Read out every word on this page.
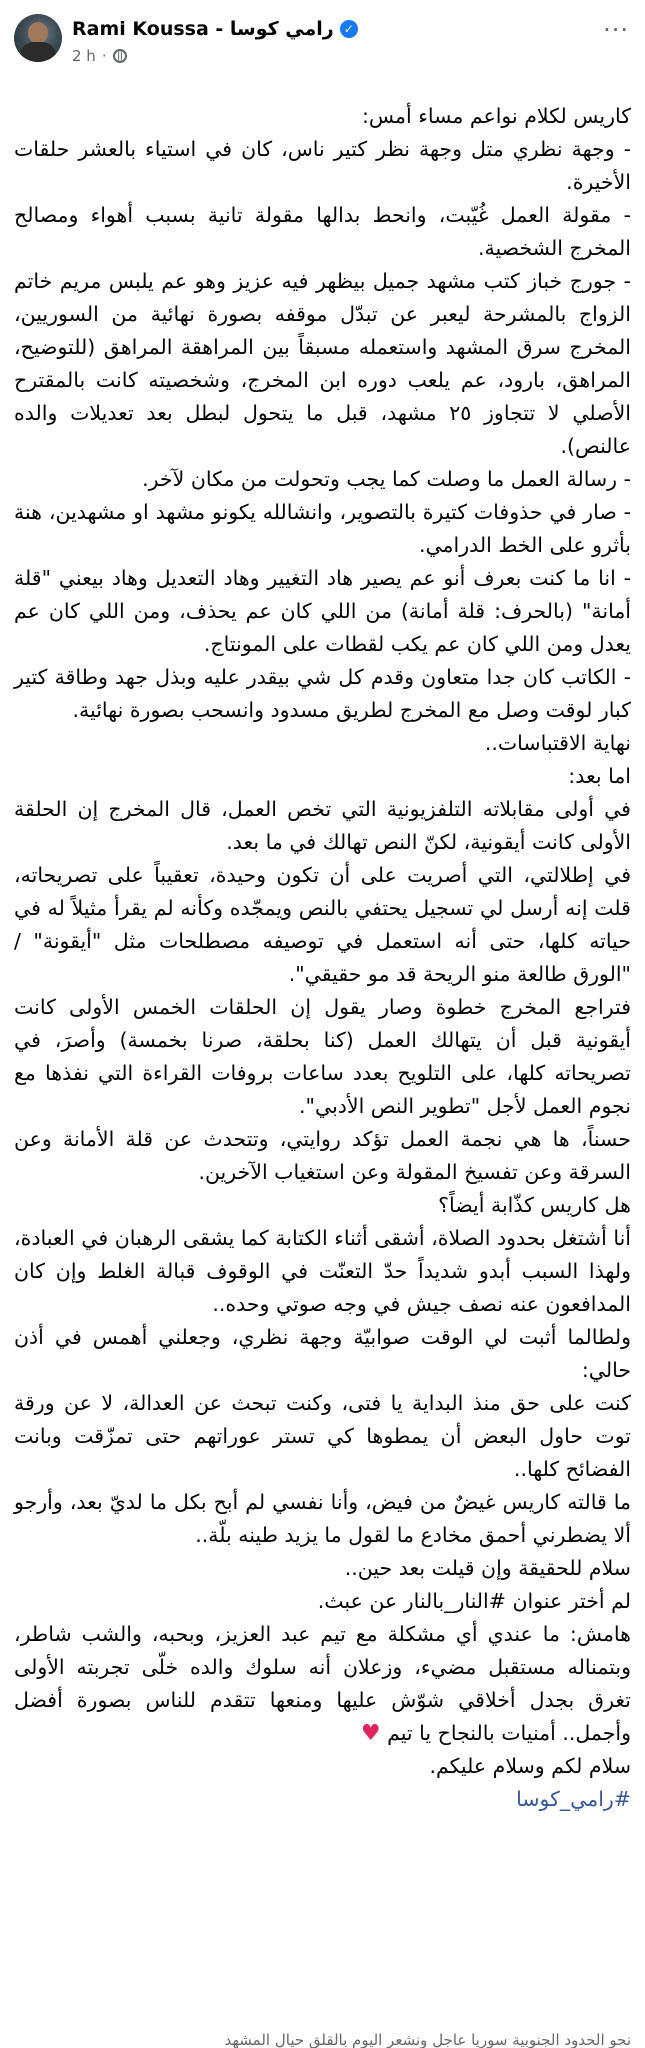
Rami Koussa - رامي كوسا ✓
2 h ·
···

كاريس لكلام نواعم مساء أمس:

- وجهة نظري متل وجهة نظر كتير ناس، كان في استياء بالعشر حلقات الأخيرة.

- مقولة العمل غُيّبت، وانحط بدالها مقولة تانية بسبب أهواء ومصالح المخرج الشخصية.

- جورج خباز كتب مشهد جميل بيظهر فيه عزيز وهو عم يلبس مريم خاتم الزواج بالمشرحة ليعبر عن تبدّل موقفه بصورة نهائية من السوريين، المخرج سرق المشهد واستعمله مسبقاً بين المراهقة المراهق (للتوضيح، المراهق، بارود، عم يلعب دوره ابن المخرج، وشخصيته كانت بالمقترح الأصلي لا تتجاوز ٢٥ مشهد، قبل ما يتحول لبطل بعد تعديلات والده عالنص).

- رسالة العمل ما وصلت كما يجب وتحولت من مكان لآخر.

- صار في حذوفات كتيرة بالتصوير، وانشالله يكونو مشهد او مشهدين، هنة بأثرو على الخط الدرامي.

- انا ما كنت بعرف أنو عم يصير هاد التغيير وهاد التعديل وهاد بيعني "قلة أمانة" (بالحرف: قلة أمانة) من اللي كان عم يحذف، ومن اللي كان عم يعدل ومن اللي كان عم يكب لقطات على المونتاج.

- الكاتب كان جدا متعاون وقدم كل شي بيقدر عليه وبذل جهد وطاقة كتير كبار لوقت وصل مع المخرج لطريق مسدود وانسحب بصورة نهائية.

نهاية الاقتباسات..

اما بعد:

في أولى مقابلاته التلفزيونية التي تخص العمل، قال المخرج إن الحلقة الأولى كانت أيقونية، لكنّ النص تهالك في ما بعد.

في إطلالتي، التي أصريت على أن تكون وحيدة، تعقيباً على تصريحاته، قلت إنه أرسل لي تسجيل يحتفي بالنص ويمجّده وكأنه لم يقرأ مثيلاً له في حياته كلها، حتى أنه استعمل في توصيفه مصطلحات مثل "أيقونة" / "الورق طالعة منو الريحة قد مو حقيقي".

فتراجع المخرج خطوة وصار يقول إن الحلقات الخمس الأولى كانت أيقونية قبل أن يتهالك العمل (كنا بحلقة، صرنا بخمسة) وأصرَ، في تصريحاته كلها، على التلويح بعدد ساعات بروفات القراءة التي نفذها مع نجوم العمل لأجل "تطوير النص الأدبي".

حسناً، ها هي نجمة العمل تؤكد روايتي، وتتحدث عن قلة الأمانة وعن السرقة وعن تفسيخ المقولة وعن استغياب الآخرين.

هل كاريس كذّابة أيضاً؟

أنا أشتغل بحدود الصلاة، أشقى أثناء الكتابة كما يشقى الرهبان في العبادة، ولهذا السبب أبدو شديداً حدّ التعنّت في الوقوف قبالة الغلط وإن كان المدافعون عنه نصف جيش في وجه صوتي وحده..

ولطالما أثبت لي الوقت صوابيّة وجهة نظري، وجعلني أهمس في أذن حالي:

كنت على حق منذ البداية يا فتى، وكنت تبحث عن العدالة، لا عن ورقة توت حاول البعض أن يمطوها كي تستر عوراتهم حتى تمزّقت وبانت الفضائح كلها..

ما قالته كاريس غيضٌ من فيض، وأنا نفسي لم أبح بكل ما لديّ بعد، وأرجو ألا يضطرني أحمق مخادع ما لقول ما يزيد طينه بلّة..

سلام للحقيقة وإن قيلت بعد حين..

لم أختر عنوان #النار_بالنار عن عبث.

هامش: ما عندي أي مشكلة مع تيم عبد العزيز، وبحبه، والشب شاطر، وبتمناله مستقبل مضيء، وزعلان أنه سلوك والده خلّى تجربته الأولى تغرق بجدل أخلاقي شوّش عليها ومنعها تتقدم للناس بصورة أفضل وأجمل.. أمنيات بالنجاح يا تيم ♥

سلام لكم وسلام عليكم.

#رامي_كوسا

نحو الحدود الجنوبية سوريا عاجل ونشعر اليوم بالقلق حيال المشهد
